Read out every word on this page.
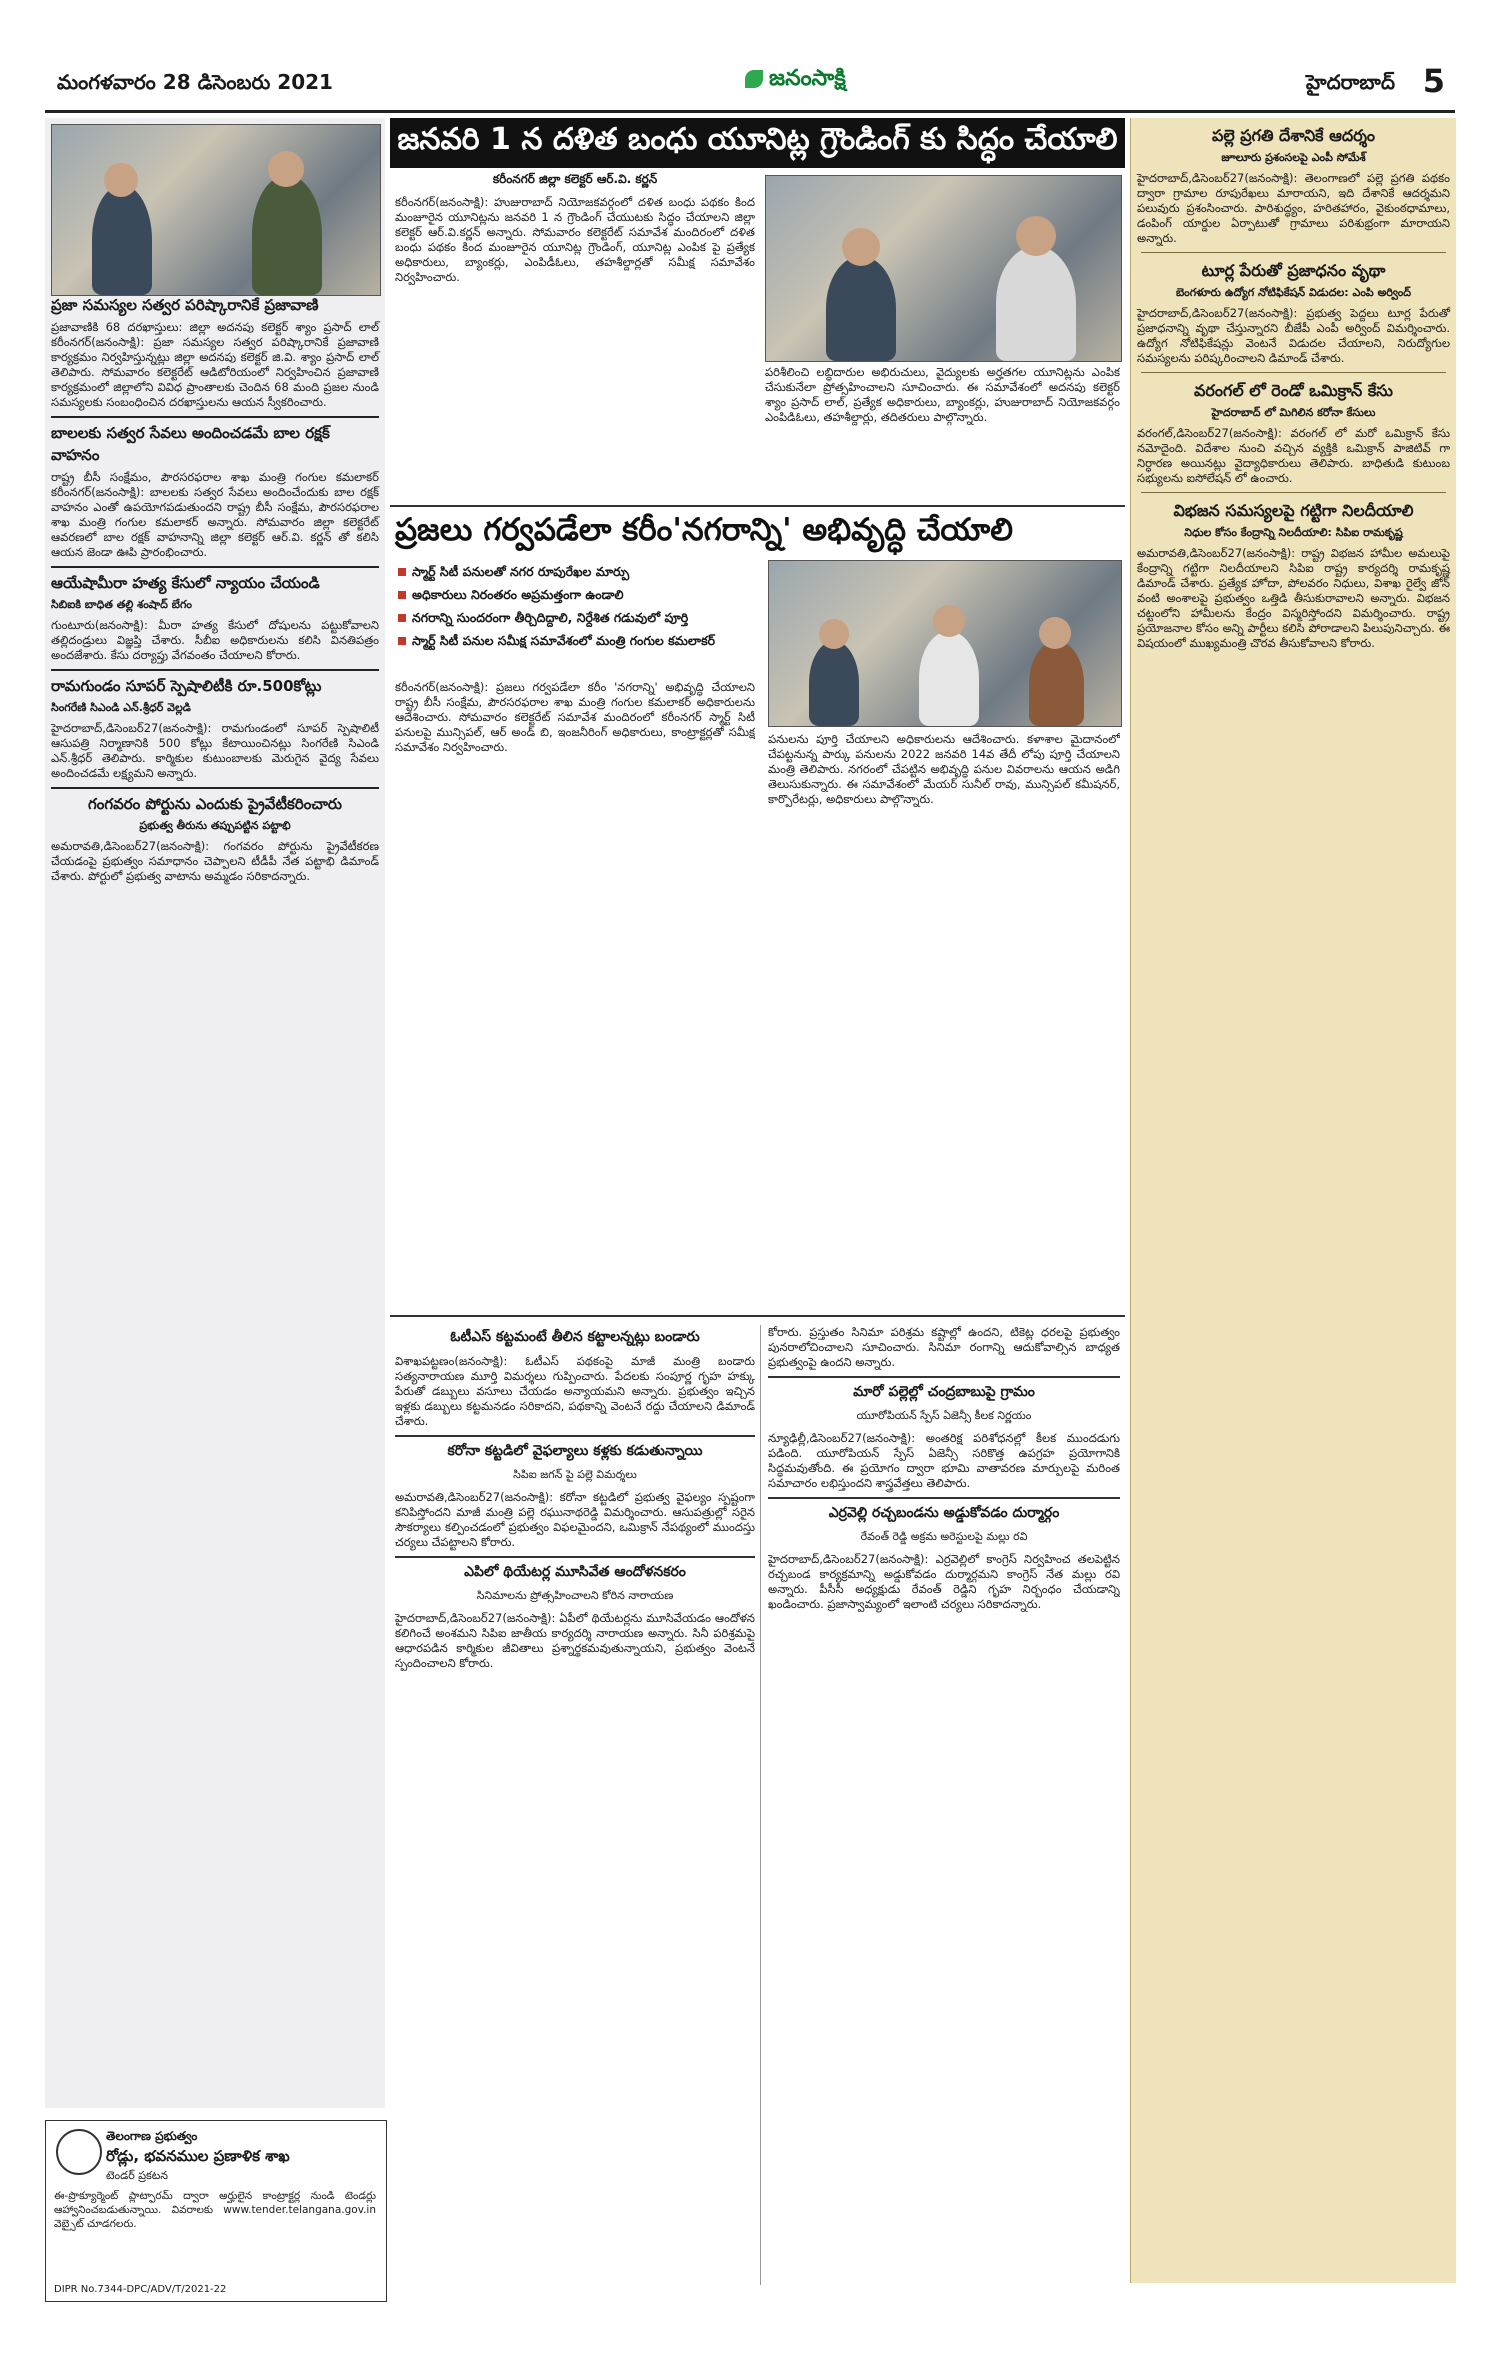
మంగళవారం 28 డిసెంబరు 2021	జనంసాక్షి	హైదరాబాద్ 5
ప్రజా సమస్యల సత్వర పరిష్కారానికే ప్రజావాణి

ప్రజావాణికి 68 దరఖాస్తులు: జిల్లా అదనపు కలెక్టర్ శ్యాం ప్రసాద్ లాల్ కరీంనగర్(జనంసాక్షి): ప్రజా సమస్యల సత్వర పరిష్కారానికే ప్రజావాణి కార్యక్రమం నిర్వహిస్తున్నట్లు జిల్లా అదనపు కలెక్టర్ జి.వి. శ్యాం ప్రసాద్ లాల్ తెలిపారు. సోమవారం కలెక్టరేట్ ఆడిటోరియంలో నిర్వహించిన ప్రజావాణి కార్యక్రమంలో జిల్లాలోని వివిధ ప్రాంతాలకు చెందిన 68 మంది ప్రజల నుండి సమస్యలకు సంబంధించిన దరఖాస్తులను ఆయన స్వీకరించారు.

బాలలకు సత్వర సేవలు అందించడమే బాల రక్షక్ వాహనం

రాష్ట్ర బీసీ సంక్షేమం, పౌరసరఫరాల శాఖ మంత్రి గంగుల కమలాకర్ కరీంనగర్(జనంసాక్షి): బాలలకు సత్వర సేవలు అందించేందుకు బాల రక్షక్ వాహనం ఎంతో ఉపయోగపడుతుందని రాష్ట్ర బీసీ సంక్షేమ, పౌరసరఫరాల శాఖ మంత్రి గంగుల కమలాకర్ అన్నారు. సోమవారం జిల్లా కలెక్టరేట్ ఆవరణలో బాల రక్షక్ వాహనాన్ని జిల్లా కలెక్టర్ ఆర్.వి. కర్ణన్ తో కలిసి ఆయన జెండా ఊపి ప్రారంభించారు.

ఆయేషామీరా హత్య కేసులో న్యాయం చేయండి
సిబిఐకి బాధిత తల్లి శంషాద్ బేగం

గుంటూరు(జనంసాక్షి): మీరా హత్య కేసులో దోషులను పట్టుకోవాలని తల్లిదండ్రులు విజ్ఞప్తి చేశారు. సీబీఐ అధికారులను కలిసి వినతిపత్రం అందజేశారు. కేసు దర్యాప్తు వేగవంతం చేయాలని కోరారు.

రామగుండం సూపర్ స్పెషాలిటీకి రూ.500కోట్లు
సింగరేణి సిఎండి ఎన్.శ్రీధర్ వెల్లడి

హైదరాబాద్,డిసెంబర్27(జనంసాక్షి): రామగుండంలో సూపర్ స్పెషాలిటీ ఆసుపత్రి నిర్మాణానికి 500 కోట్లు కేటాయించినట్లు సింగరేణి సిఎండి ఎన్.శ్రీధర్ తెలిపారు. కార్మికుల కుటుంబాలకు మెరుగైన వైద్య సేవలు అందించడమే లక్ష్యమని అన్నారు.

గంగవరం పోర్టును ఎందుకు ప్రైవేటీకరించారు
ప్రభుత్వ తీరును తప్పుపట్టిన పట్టాభి

అమరావతి,డిసెంబర్27(జనంసాక్షి): గంగవరం పోర్టును ప్రైవేటీకరణ చేయడంపై ప్రభుత్వం సమాధానం చెప్పాలని టీడీపీ నేత పట్టాభి డిమాండ్ చేశారు. పోర్టులో ప్రభుత్వ వాటాను అమ్మడం సరికాదన్నారు.

తెలంగాణ ప్రభుత్వం
రోడ్లు, భవనముల ప్రణాళిక శాఖ
టెండర్ ప్రకటన
ఈ-ప్రొక్యూర్మెంట్ ప్లాట్ఫారమ్ ద్వారా అర్హులైన కాంట్రాక్టర్ల నుండి టెండర్లు ఆహ్వానించబడుతున్నాయి. వివరాలకు www.tender.telangana.gov.in వెబ్సైట్ చూడగలరు.
DIPR No.7344-DPC/ADV/T/2021-22
జనవరి 1 న దళిత బంధు యూనిట్ల గ్రౌండింగ్ కు సిద్ధం చేయాలి
కరీంనగర్ జిల్లా కలెక్టర్ ఆర్.వి. కర్ణన్

కరీంనగర్(జనంసాక్షి): హుజురాబాద్ నియోజకవర్గంలో దళిత బంధు పథకం కింద మంజూరైన యూనిట్లను జనవరి 1 న గ్రౌండింగ్ చేయుటకు సిద్ధం చేయాలని జిల్లా కలెక్టర్ ఆర్.వి.కర్ణన్ అన్నారు. సోమవారం కలెక్టరేట్ సమావేశ మందిరంలో దళిత బంధు పథకం కింద మంజూరైన యూనిట్ల గ్రౌండింగ్, యూనిట్ల ఎంపిక పై ప్రత్యేక అధికారులు, బ్యాంకర్లు, ఎంపిడీఓలు, తహశీల్దార్లతో సమీక్ష సమావేశం నిర్వహించారు.

పరిశీలించి లబ్ధిదారుల అభిరుచులు, వైద్యులకు అర్హతగల యూనిట్లను ఎంపిక చేసుకునేలా ప్రోత్సహించాలని సూచించారు. ఈ సమావేశంలో అదనపు కలెక్టర్ శ్యాం ప్రసాద్ లాల్, ప్రత్యేక అధికారులు, బ్యాంకర్లు, హుజురాబాద్ నియోజకవర్గం ఎంపిడిఓలు, తహశీల్దార్లు, తదితరులు పాల్గొన్నారు.

ప్రజలు గర్వపడేలా కరీం'నగరాన్ని' అభివృద్ధి చేయాలి
స్మార్ట్ సిటీ పనులతో నగర రూపురేఖల మార్పు
అధికారులు నిరంతరం అప్రమత్తంగా ఉండాలి
నగరాన్ని సుందరంగా తీర్చిదిద్దాలి, నిర్దేశిత గడువులో పూర్తి
స్మార్ట్ సిటీ పనుల సమీక్ష సమావేశంలో మంత్రి గంగుల కమలాకర్

కరీంనగర్(జనంసాక్షి): ప్రజలు గర్వపడేలా కరీం 'నగరాన్ని' అభివృద్ధి చేయాలని రాష్ట్ర బీసీ సంక్షేమ, పౌరసరఫరాల శాఖ మంత్రి గంగుల కమలాకర్ అధికారులను ఆదేశించారు. సోమవారం కలెక్టరేట్ సమావేశ మందిరంలో కరీంనగర్ స్మార్ట్ సిటీ పనులపై మున్సిపల్, ఆర్ అండ్ బి, ఇంజనీరింగ్ అధికారులు, కాంట్రాక్టర్లతో సమీక్ష సమావేశం నిర్వహించారు.

పనులను పూర్తి చేయాలని అధికారులను ఆదేశించారు. కళాశాల మైదానంలో చేపట్టనున్న పార్కు పనులను 2022 జనవరి 14వ తేదీ లోపు పూర్తి చేయాలని మంత్రి తెలిపారు. నగరంలో చేపట్టిన అభివృద్ధి పనుల వివరాలను ఆయన అడిగి తెలుసుకున్నారు. ఈ సమావేశంలో మేయర్ సునీల్ రావు, మున్సిపల్ కమీషనర్, కార్పొరేటర్లు, అధికారులు పాల్గొన్నారు.

ఓటీఎస్ కట్టమంటే తీలిన కట్టాలన్నట్లు బండారు

విశాఖపట్టణం(జనంసాక్షి): ఓటీఎస్ పథకంపై మాజీ మంత్రి బండారు సత్యనారాయణ మూర్తి విమర్శలు గుప్పించారు. పేదలకు సంపూర్ణ గృహ హక్కు పేరుతో డబ్బులు వసూలు చేయడం అన్యాయమని అన్నారు. ప్రభుత్వం ఇచ్చిన ఇళ్లకు డబ్బులు కట్టమనడం సరికాదని, పథకాన్ని వెంటనే రద్దు చేయాలని డిమాండ్ చేశారు.

కరోనా కట్టడిలో వైఫల్యాలు కళ్లకు కడుతున్నాయి
సిపిఐ జగన్ పై పల్లె విమర్శలు

అమరావతి,డిసెంబర్27(జనంసాక్షి): కరోనా కట్టడిలో ప్రభుత్వ వైఫల్యం స్పష్టంగా కనిపిస్తోందని మాజీ మంత్రి పల్లె రఘునాథరెడ్డి విమర్శించారు. ఆసుపత్రుల్లో సరైన సౌకర్యాలు కల్పించడంలో ప్రభుత్వం విఫలమైందని, ఒమిక్రాన్ నేపథ్యంలో ముందస్తు చర్యలు చేపట్టాలని కోరారు.

ఎపిలో థియేటర్ల మూసివేత ఆందోళనకరం
సినిమాలను ప్రోత్సహించాలని కోరిన నారాయణ

హైదరాబాద్,డిసెంబర్27(జనంసాక్షి): ఏపీలో థియేటర్లను మూసివేయడం ఆందోళన కలిగించే అంశమని సిపిఐ జాతీయ కార్యదర్శి నారాయణ అన్నారు. సినీ పరిశ్రమపై ఆధారపడిన కార్మికుల జీవితాలు ప్రశ్నార్థకమవుతున్నాయని, ప్రభుత్వం వెంటనే స్పందించాలని కోరారు.

కోరారు. ప్రస్తుతం సినిమా పరిశ్రమ కష్టాల్లో ఉందని, టికెట్ల ధరలపై ప్రభుత్వం పునరాలోచించాలని సూచించారు. సినిమా రంగాన్ని ఆదుకోవాల్సిన బాధ్యత ప్రభుత్వంపై ఉందని అన్నారు.

మారో పల్లెల్లో చంద్రబాబుపై గ్రామం
యూరోపియన్ స్పేస్ ఏజెన్సీ కీలక నిర్ణయం

న్యూఢిల్లీ,డిసెంబర్27(జనంసాక్షి): అంతరిక్ష పరిశోధనల్లో కీలక ముందడుగు పడింది. యూరోపియన్ స్పేస్ ఏజెన్సీ సరికొత్త ఉపగ్రహ ప్రయోగానికి సిద్ధమవుతోంది. ఈ ప్రయోగం ద్వారా భూమి వాతావరణ మార్పులపై మరింత సమాచారం లభిస్తుందని శాస్త్రవేత్తలు తెలిపారు.

ఎర్రవెల్లి రచ్చబండను అడ్డుకోవడం దుర్మార్గం
రేవంత్ రెడ్డి అక్రమ అరెస్టులపై మల్లు రవి

హైదరాబాద్,డిసెంబర్27(జనంసాక్షి): ఎర్రవెల్లిలో కాంగ్రెస్ నిర్వహించ తలపెట్టిన రచ్చబండ కార్యక్రమాన్ని అడ్డుకోవడం దుర్మార్గమని కాంగ్రెస్ నేత మల్లు రవి అన్నారు. పీసీసీ అధ్యక్షుడు రేవంత్ రెడ్డిని గృహ నిర్బంధం చేయడాన్ని ఖండించారు. ప్రజాస్వామ్యంలో ఇలాంటి చర్యలు సరికాదన్నారు.

పల్లె ప్రగతి దేశానికే ఆదర్శం
జూలూరు ప్రశంసలపై ఎంపీ సోమేశ్

హైదరాబాద్,డిసెంబర్27(జనంసాక్షి): తెలంగాణలో పల్లె ప్రగతి పథకం ద్వారా గ్రామాల రూపురేఖలు మారాయని, ఇది దేశానికే ఆదర్శమని పలువురు ప్రశంసించారు. పారిశుద్ధ్యం, హరితహారం, వైకుంఠధామాలు, డంపింగ్ యార్డుల ఏర్పాటుతో గ్రామాలు పరిశుభ్రంగా మారాయని అన్నారు.

టూర్ల పేరుతో ప్రజాధనం వృథా
బెంగళూరు ఉద్యోగ నోటిఫికేషన్ విడుదల: ఎంపి అర్వింద్

హైదరాబాద్,డిసెంబర్27(జనంసాక్షి): ప్రభుత్వ పెద్దలు టూర్ల పేరుతో ప్రజాధనాన్ని వృథా చేస్తున్నారని బీజేపీ ఎంపీ అర్వింద్ విమర్శించారు. ఉద్యోగ నోటిఫికేషన్లు వెంటనే విడుదల చేయాలని, నిరుద్యోగుల సమస్యలను పరిష్కరించాలని డిమాండ్ చేశారు.

వరంగల్ లో రెండో ఒమిక్రాన్ కేసు
హైదరాబాద్ లో మిగిలిన కరోనా కేసులు

వరంగల్,డిసెంబర్27(జనంసాక్షి): వరంగల్ లో మరో ఒమిక్రాన్ కేసు నమోదైంది. విదేశాల నుంచి వచ్చిన వ్యక్తికి ఒమిక్రాన్ పాజిటివ్ గా నిర్ధారణ అయినట్లు వైద్యాధికారులు తెలిపారు. బాధితుడి కుటుంబ సభ్యులను ఐసోలేషన్ లో ఉంచారు.

విభజన సమస్యలపై గట్టిగా నిలదీయాలి
నిధుల కోసం కేంద్రాన్ని నిలదీయాలి: సిపిఐ రామకృష్ణ

అమరావతి,డిసెంబర్27(జనంసాక్షి): రాష్ట్ర విభజన హామీల అమలుపై కేంద్రాన్ని గట్టిగా నిలదీయాలని సిపిఐ రాష్ట్ర కార్యదర్శి రామకృష్ణ డిమాండ్ చేశారు. ప్రత్యేక హోదా, పోలవరం నిధులు, విశాఖ రైల్వే జోన్ వంటి అంశాలపై ప్రభుత్వం ఒత్తిడి తీసుకురావాలని అన్నారు. విభజన చట్టంలోని హామీలను కేంద్రం విస్మరిస్తోందని విమర్శించారు. రాష్ట్ర ప్రయోజనాల కోసం అన్ని పార్టీలు కలిసి పోరాడాలని పిలుపునిచ్చారు. ఈ విషయంలో ముఖ్యమంత్రి చొరవ తీసుకోవాలని కోరారు.
